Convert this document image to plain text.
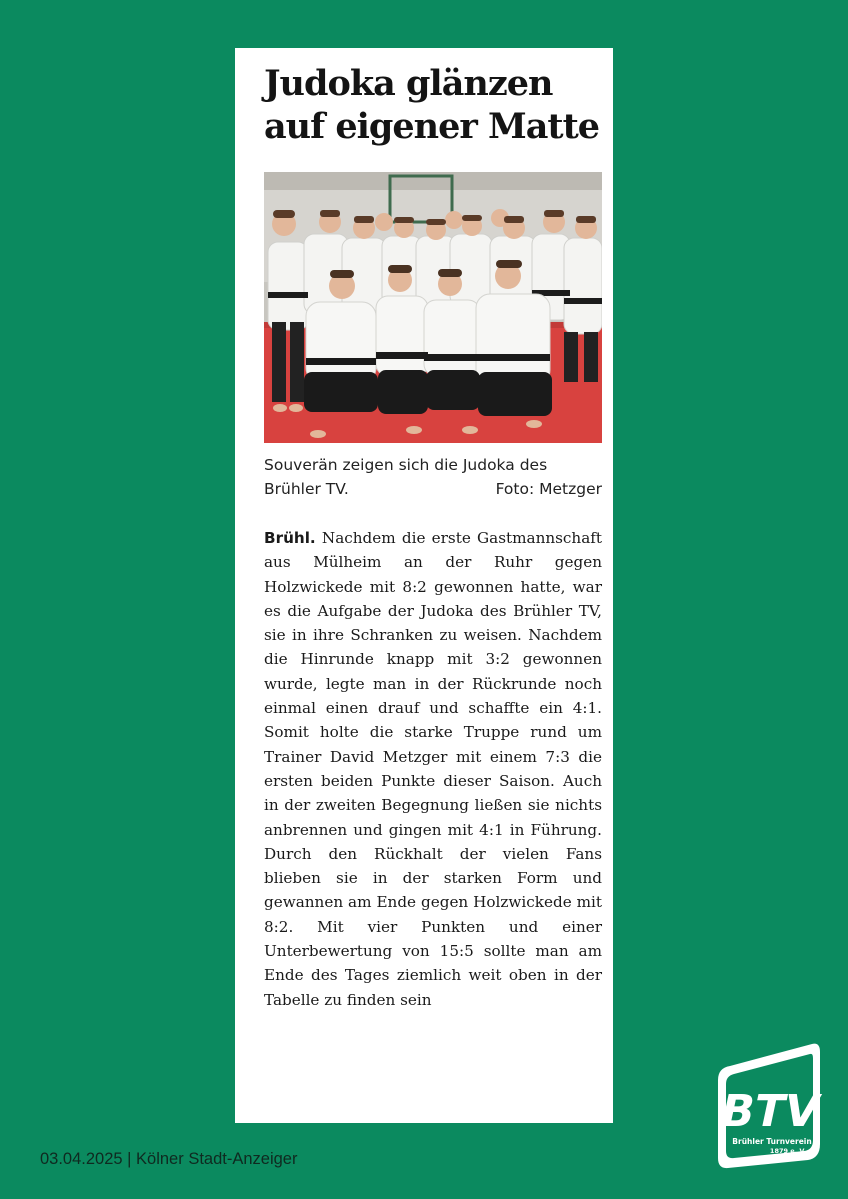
Judoka glänzen
auf eigener Matte
Souverän zeigen sich die Judoka des
Brühler TV.	Foto: Metzger
Brühl. Nachdem die erste Gastmannschaft aus Mülheim an der Ruhr gegen Holzwickede mit 8:2 gewonnen hatte, war es die Aufgabe der Judoka des Brühler TV, sie in ihre Schranken zu weisen. Nachdem die Hinrunde knapp mit 3:2 gewonnen wurde, legte man in der Rückrunde noch einmal einen drauf und schaffte ein 4:1. Somit holte die starke Truppe rund um Trainer David Metzger mit einem 7:3 die ersten beiden Punkte dieser Saison. Auch in der zweiten Begegnung ließen sie nichts anbrennen und gingen mit 4:1 in Führung. Durch den Rückhalt der vielen Fans blieben sie in der starken Form und gewannen am Ende gegen Holzwickede mit 8:2. Mit vier Punkten und einer Unterbewertung von 15:5 sollte man am Ende des Tages ziemlich weit oben in der Tabelle zu finden sein
03.04.2025 | Kölner Stadt-Anzeiger
BTV
Brühler Turnverein
1879 e. V.
